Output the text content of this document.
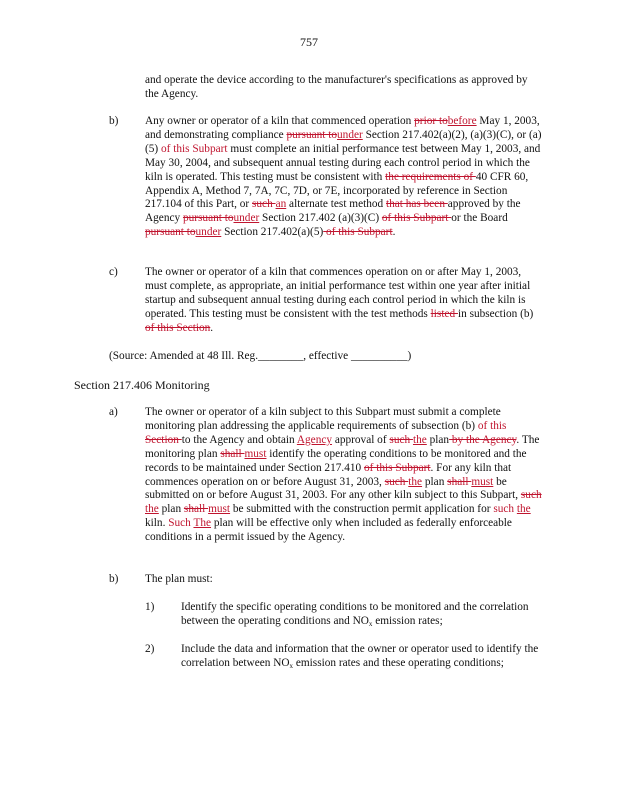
757
and operate the device according to the manufacturer's specifications as approved by the Agency.
b) Any owner or operator of a kiln that commenced operation prior tobefore May 1, 2003, and demonstrating compliance pursuant tounder Section 217.402(a)(2), (a)(3)(C), or (a)(5) of this Subpart must complete an initial performance test between May 1, 2003, and May 30, 2004, and subsequent annual testing during each control period in which the kiln is operated. This testing must be consistent with the requirements of 40 CFR 60, Appendix A, Method 7, 7A, 7C, 7D, or 7E, incorporated by reference in Section 217.104 of this Part, or such an alternate test method that has been approved by the Agency pursuant tounder Section 217.402 (a)(3)(C) of this Subpart or the Board pursuant tounder Section 217.402(a)(5) of this Subpart.
c) The owner or operator of a kiln that commences operation on or after May 1, 2003, must complete, as appropriate, an initial performance test within one year after initial startup and subsequent annual testing during each control period in which the kiln is operated. This testing must be consistent with the test methods listed in subsection (b) of this Section.
(Source: Amended at 48 Ill. Reg.________, effective __________)
Section 217.406 Monitoring
a) The owner or operator of a kiln subject to this Subpart must submit a complete monitoring plan addressing the applicable requirements of subsection (b) of this Section to the Agency and obtain Agency approval of such the plan by the Agency. The monitoring plan shall must identify the operating conditions to be monitored and the records to be maintained under Section 217.410 of this Subpart. For any kiln that commences operation on or before August 31, 2003, such the plan shall must be submitted on or before August 31, 2003. For any other kiln subject to this Subpart, such the plan shall must be submitted with the construction permit application for such the kiln. Such The plan will be effective only when included as federally enforceable conditions in a permit issued by the Agency.
b) The plan must:
1) Identify the specific operating conditions to be monitored and the correlation between the operating conditions and $NO_x$ emission rates;
2) Include the data and information that the owner or operator used to identify the correlation between $NO_x$ emission rates and these operating conditions;
